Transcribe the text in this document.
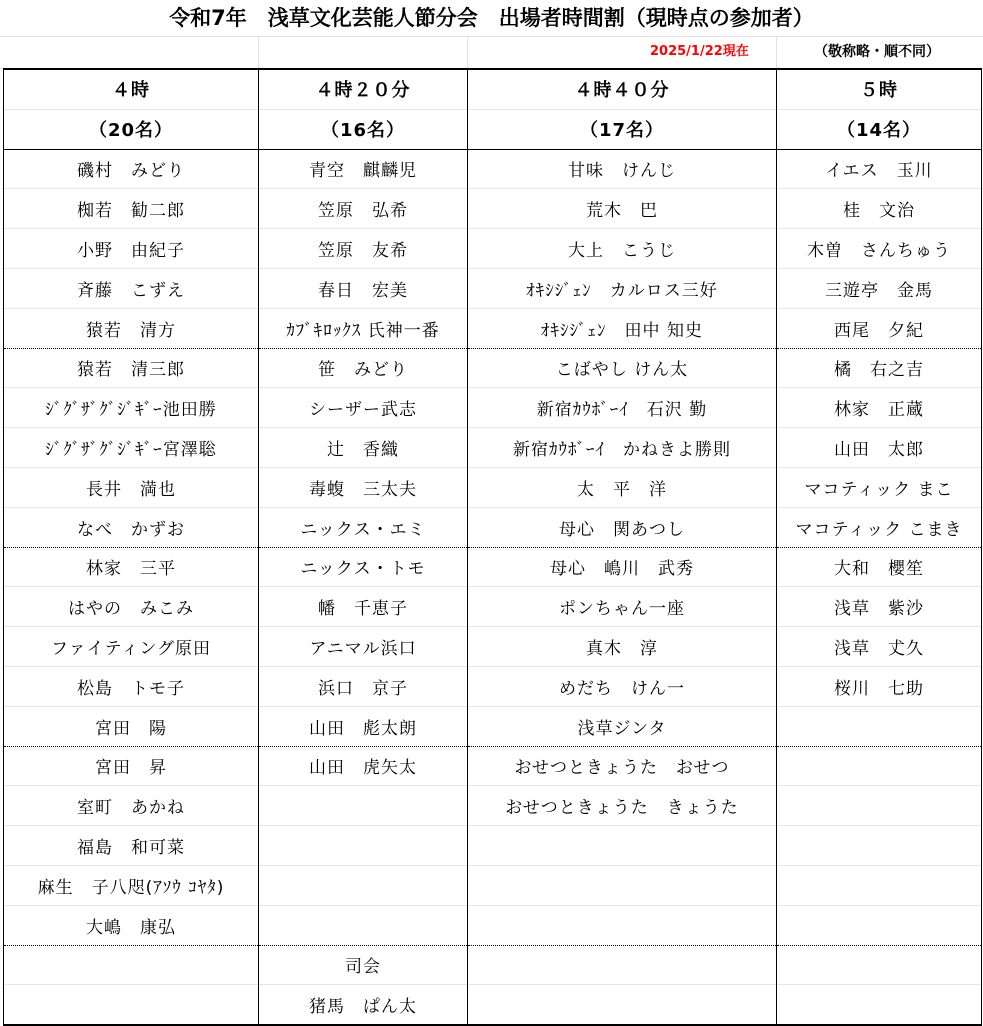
令和7年　浅草文化芸能人節分会　出場者時間割（現時点の参加者）
2025/1/22現在	（敬称略・順不同）
４時	４時２０分	４時４０分	５時
（20名）	（16名）	（17名）	（14名）
磯村　みどり	青空　麒麟児	甘味　けんじ	イエス　玉川
椥若　勧二郎	笠原　弘希	荒木　巴	桂　文治
小野　由紀子	笠原　友希	大上　こうじ	木曽　さんちゅう
斉藤　こずえ	春日　宏美	ｵｷｼｼﾞｪﾝ　カルロス三好	三遊亭　金馬
猿若　清方	ｶﾌﾞｷﾛｯｸｽ 氏神一番	ｵｷｼｼﾞｪﾝ　田中 知史	西尾　夕紀
猿若　清三郎	笹　みどり	こばやし けん太	橘　右之吉
ｼﾞｸﾞｻﾞｸﾞｼﾞｷﾞｰ池田勝	シーザー武志	新宿ｶｳﾎﾞｰｲ　石沢 勤	林家　正蔵
ｼﾞｸﾞｻﾞｸﾞｼﾞｷﾞｰ宮澤聡	辻　香織	新宿ｶｳﾎﾞｰｲ　かねきよ勝則	山田　太郎
長井　満也	毒蝮　三太夫	太　平　洋	マコティック まこ
なべ　かずお	ニックス・エミ	母心　関あつし	マコティック こまき
林家　三平	ニックス・トモ	母心　嶋川　武秀	大和　櫻笙
はやの　みこみ	幡　千恵子	ポンちゃん一座	浅草　紫沙
ファイティング原田	アニマル浜口	真木　淳	浅草　𠀋久
松島　トモ子	浜口　京子	めだち　けん一	桜川　七助
宮田　陽	山田　彪太朗	浅草ジンタ	
宮田　昇	山田　虎矢太	おせつときょうた　おせつ	
室町　あかね		おせつときょうた　きょうた	
福島　和可菜			
麻生　子八咫(ｱｿｳ ｺﾔﾀ)			
大嶋　康弘			
	司会		
	猪馬　ぱん太		
